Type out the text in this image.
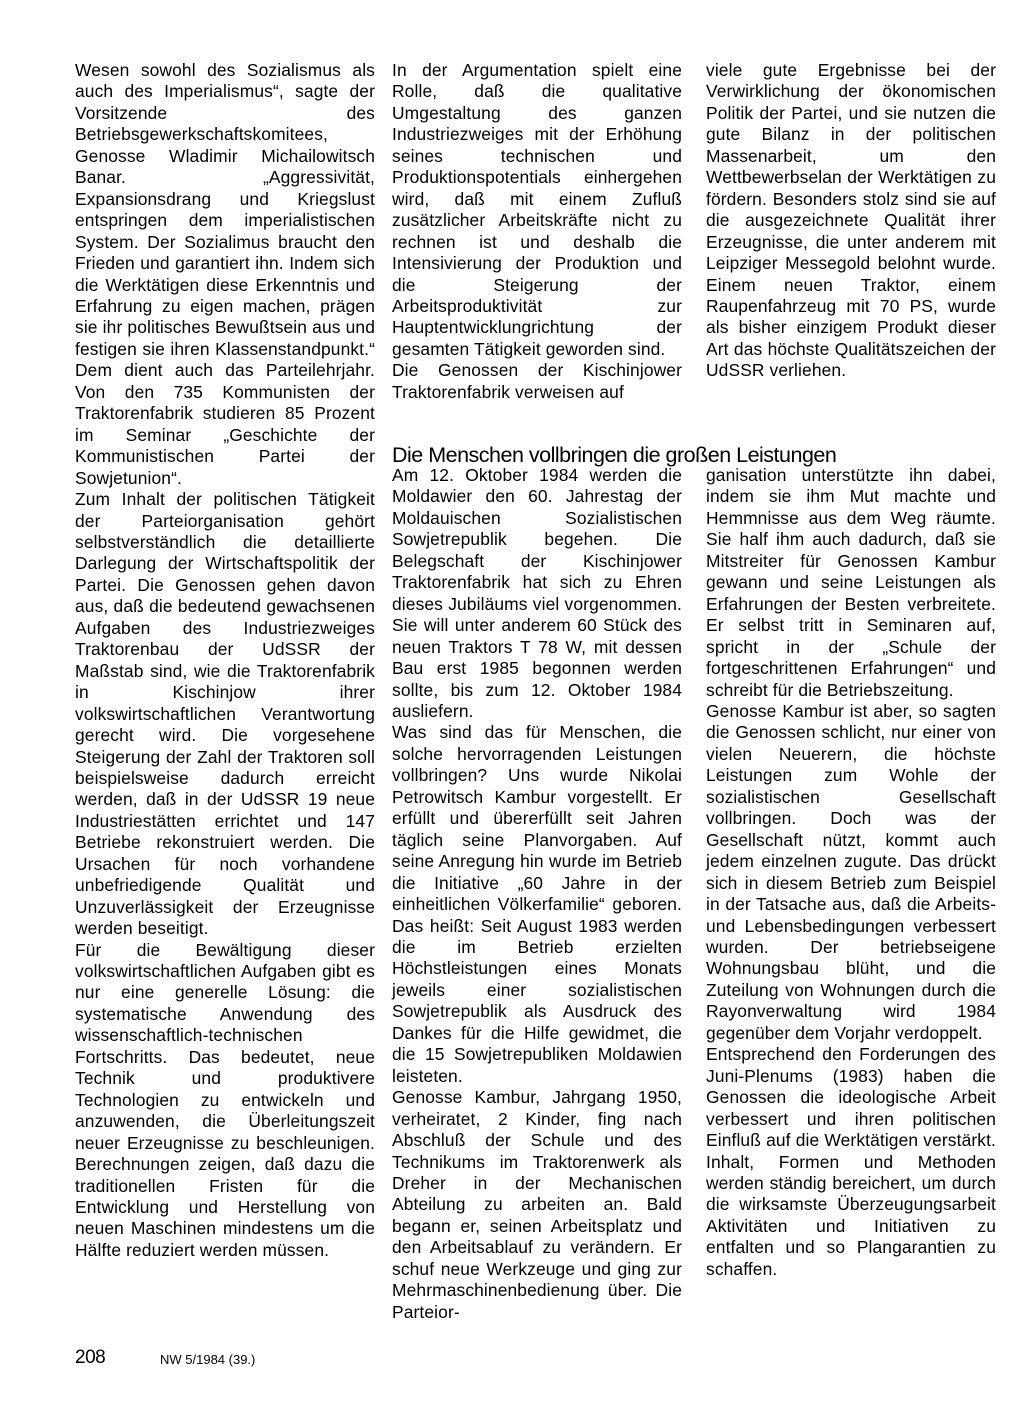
Wesen sowohl des Sozialismus als auch des Imperialismus“, sagte der Vorsitzende des Betriebsgewerkschaftskomitees, Genosse Wladimir Michailowitsch Banar. „Aggressivität, Expansionsdrang und Kriegslust entspringen dem imperialistischen System. Der Sozialimus braucht den Frieden und garantiert ihn. Indem sich die Werktätigen diese Erkenntnis und Erfahrung zu eigen machen, prägen sie ihr politisches Bewußtsein aus und festigen sie ihren Klassenstandpunkt.“ Dem dient auch das Parteilehrjahr. Von den 735 Kommunisten der Traktorenfabrik studieren 85 Prozent im Seminar „Geschichte der Kommunistischen Partei der Sowjetunion“.

Zum Inhalt der politischen Tätigkeit der Parteiorganisation gehört selbstverständlich die detaillierte Darlegung der Wirtschaftspolitik der Partei. Die Genossen gehen davon aus, daß die bedeutend gewachsenen Aufgaben des Industriezweiges Traktorenbau der UdSSR der Maßstab sind, wie die Traktorenfabrik in Kischinjow ihrer volkswirtschaftlichen Verantwortung gerecht wird. Die vorgesehene Steigerung der Zahl der Traktoren soll beispielsweise dadurch erreicht werden, daß in der UdSSR 19 neue Industriestätten errichtet und 147 Betriebe rekonstruiert werden. Die Ursachen für noch vorhandene unbefriedigende Qualität und Unzuverlässigkeit der Erzeugnisse werden beseitigt.

Für die Bewältigung dieser volkswirtschaftlichen Aufgaben gibt es nur eine generelle Lösung: die systematische Anwendung des wissenschaftlich-technischen Fortschritts. Das bedeutet, neue Technik und produktivere Technologien zu entwickeln und anzuwenden, die Überleitungszeit neuer Erzeugnisse zu beschleunigen. Berechnungen zeigen, daß dazu die traditionellen Fristen für die Entwicklung und Herstellung von neuen Maschinen mindestens um die Hälfte reduziert werden müssen.

In der Argumentation spielt eine Rolle, daß die qualitative Umgestaltung des ganzen Industriezweiges mit der Erhöhung seines technischen und Produktionspotentials einhergehen wird, daß mit einem Zufluß zusätzlicher Arbeitskräfte nicht zu rechnen ist und deshalb die Intensivierung der Produktion und die Steigerung der Arbeitsproduktivität zur Hauptentwicklungrichtung der gesamten Tätigkeit geworden sind.

Die Genossen der Kischinjower Traktorenfabrik verweisen auf

viele gute Ergebnisse bei der Verwirklichung der ökonomischen Politik der Partei, und sie nutzen die gute Bilanz in der politischen Massenarbeit, um den Wettbewerbselan der Werktätigen zu fördern. Besonders stolz sind sie auf die ausgezeichnete Qualität ihrer Erzeugnisse, die unter anderem mit Leipziger Messegold belohnt wurde. Einem neuen Traktor, einem Raupenfahrzeug mit 70 PS, wurde als bisher einzigem Produkt dieser Art das höchste Qualitätszeichen der UdSSR verliehen.

Die Menschen vollbringen die großen Leistungen

Am 12. Oktober 1984 werden die Moldawier den 60. Jahrestag der Moldauischen Sozialistischen Sowjetrepublik begehen. Die Belegschaft der Kischinjower Traktorenfabrik hat sich zu Ehren dieses Jubiläums viel vorgenommen. Sie will unter anderem 60 Stück des neuen Traktors T 78 W, mit dessen Bau erst 1985 begonnen werden sollte, bis zum 12. Oktober 1984 ausliefern.

Was sind das für Menschen, die solche hervorragenden Leistungen vollbringen? Uns wurde Nikolai Petrowitsch Kambur vorgestellt. Er erfüllt und übererfüllt seit Jahren täglich seine Planvorgaben. Auf seine Anregung hin wurde im Betrieb die Initiative „60 Jahre in der einheitlichen Völkerfamilie“ geboren. Das heißt: Seit August 1983 werden die im Betrieb erzielten Höchstleistungen eines Monats jeweils einer sozialistischen Sowjetrepublik als Ausdruck des Dankes für die Hilfe gewidmet, die die 15 Sowjetrepubliken Moldawien leisteten.

Genosse Kambur, Jahrgang 1950, verheiratet, 2 Kinder, fing nach Abschluß der Schule und des Technikums im Traktorenwerk als Dreher in der Mechanischen Abteilung zu arbeiten an. Bald begann er, seinen Arbeitsplatz und den Arbeitsablauf zu verändern. Er schuf neue Werkzeuge und ging zur Mehrmaschinenbedienung über. Die Parteior-

ganisation unterstützte ihn dabei, indem sie ihm Mut machte und Hemmnisse aus dem Weg räumte. Sie half ihm auch dadurch, daß sie Mitstreiter für Genossen Kambur gewann und seine Leistungen als Erfahrungen der Besten verbreitete. Er selbst tritt in Seminaren auf, spricht in der „Schule der fortgeschrittenen Erfahrungen“ und schreibt für die Betriebszeitung.

Genosse Kambur ist aber, so sagten die Genossen schlicht, nur einer von vielen Neuerern, die höchste Leistungen zum Wohle der sozialistischen Gesellschaft vollbringen. Doch was der Gesellschaft nützt, kommt auch jedem einzelnen zugute. Das drückt sich in diesem Betrieb zum Beispiel in der Tatsache aus, daß die Arbeits- und Lebensbedingungen verbessert wurden. Der betriebseigene Wohnungsbau blüht, und die Zuteilung von Wohnungen durch die Rayonverwaltung wird 1984 gegenüber dem Vorjahr verdoppelt.

Entsprechend den Forderungen des Juni-Plenums (1983) haben die Genossen die ideologische Arbeit verbessert und ihren politischen Einfluß auf die Werktätigen verstärkt. Inhalt, Formen und Methoden werden ständig bereichert, um durch die wirksamste Überzeugungsarbeit Aktivitäten und Initiativen zu entfalten und so Plangarantien zu schaffen.

208	NW 5/1984 (39.)
